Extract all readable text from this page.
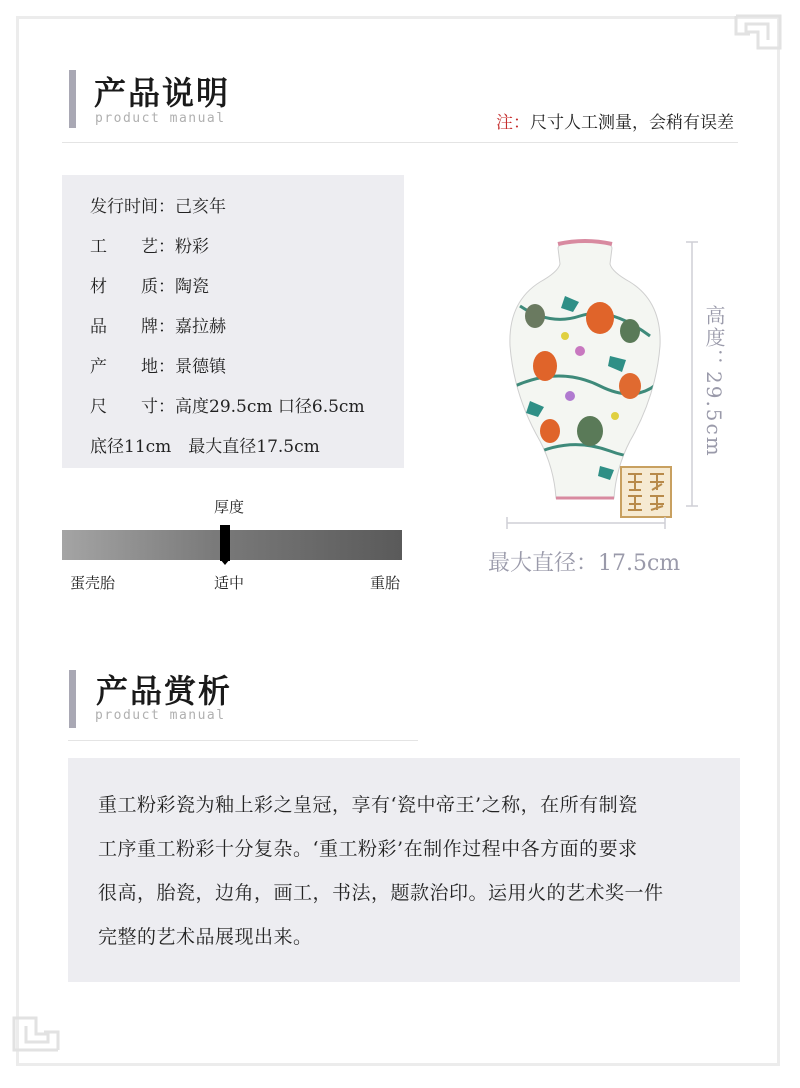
产品说明
product manual	注：尺寸人工测量，会稍有误差
发行时间：己亥年
工　　艺：粉彩
材　　质：陶瓷
品　　牌：嘉拉赫
产　　地：景德镇
尺　　寸：高度29.5cm 口径6.5cm
底径11cm　最大直径17.5cm
厚度
蛋壳胎	适中	重胎
高度：29.5cm
最大直径：17.5cm
产品赏析
product manual
重工粉彩瓷为釉上彩之皇冠，享有‘瓷中帝王’之称，在所有制瓷
工序重工粉彩十分复杂。‘重工粉彩’在制作过程中各方面的要求
很高，胎瓷，边角，画工，书法，题款治印。运用火的艺术奖一件
完整的艺术品展现出来。
